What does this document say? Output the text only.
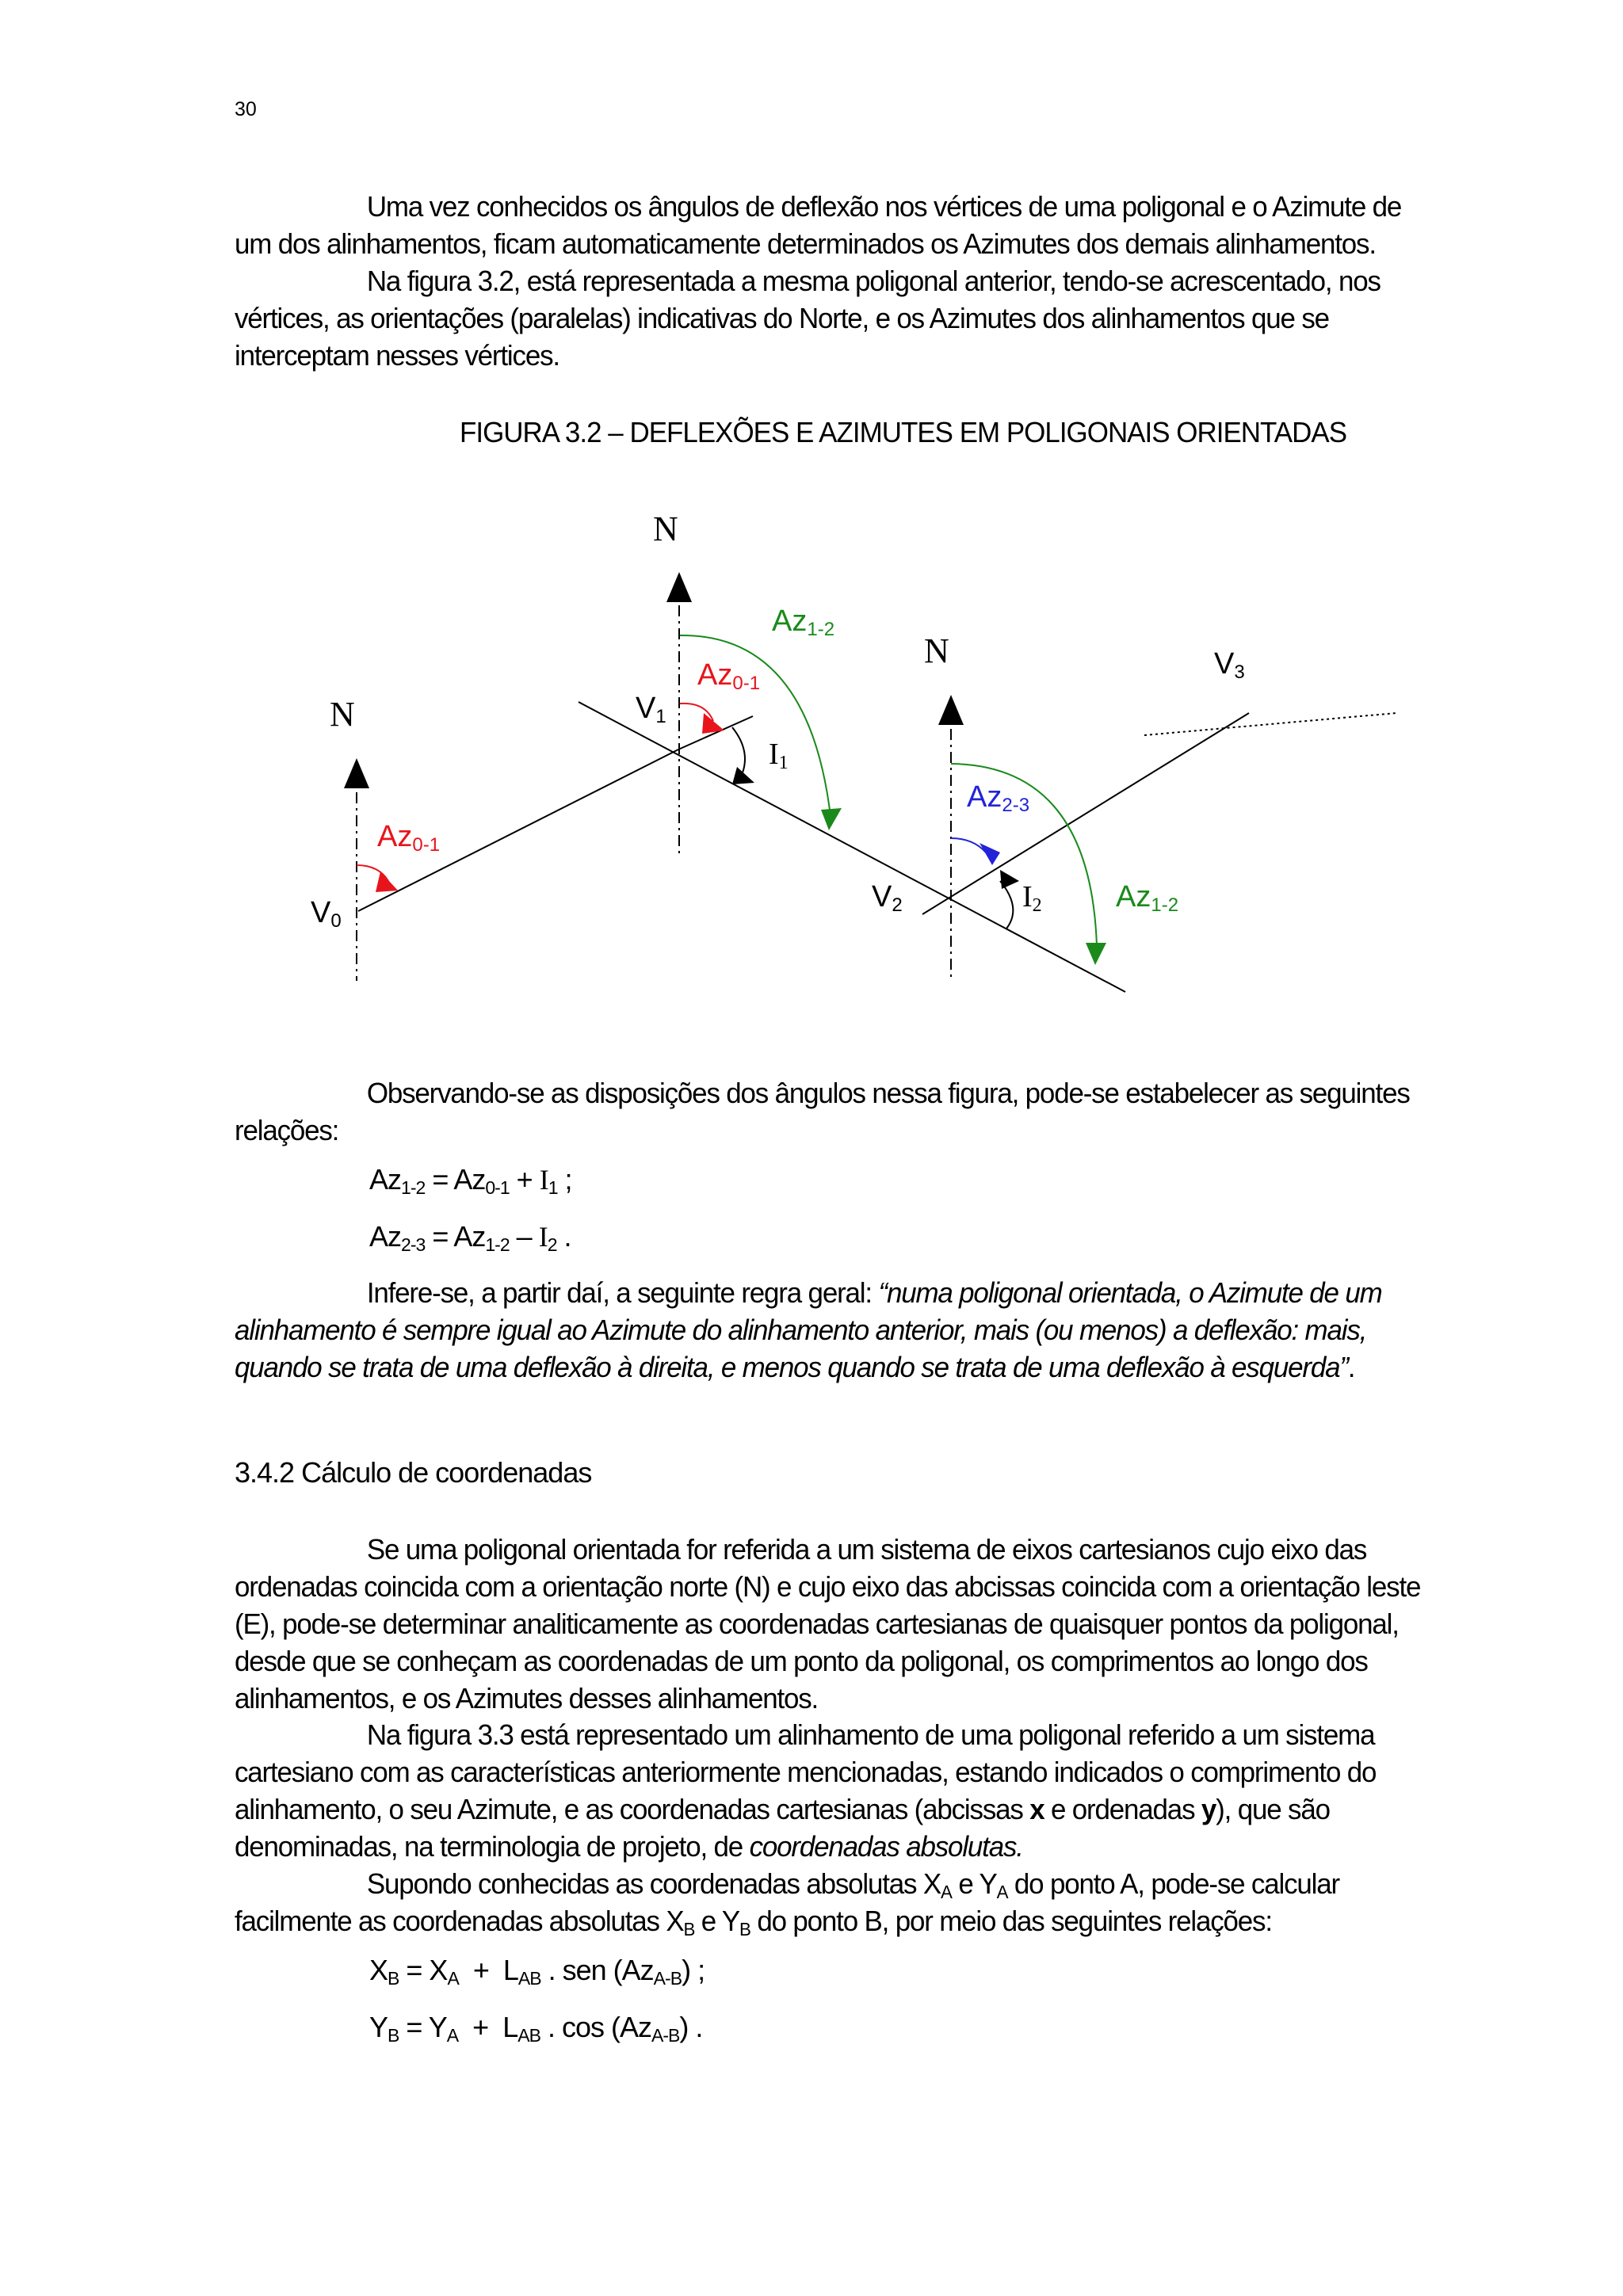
30

Uma vez conhecidos os ângulos de deflexão nos vértices de uma poligonal e o Azimute de um dos alinhamentos, ficam automaticamente determinados os Azimutes dos demais alinhamentos.

Na figura 3.2, está representada a mesma poligonal anterior, tendo-se acrescentado, nos vértices, as orientações (paralelas) indicativas do Norte, e os Azimutes dos alinhamentos que se interceptam nesses vértices.

FIGURA 3.2 – DEFLEXÕES E AZIMUTES EM POLIGONAIS ORIENTADAS
N
N
N
V0
V1
V2
V3
Az0-1
Az0-1
Az1-2
I1
Az2-3
Az1-2
I2

Observando-se as disposições dos ângulos nessa figura, pode-se estabelecer as seguintes relações:

$Az_{1-2} = Az_{0-1} + I_1$ ;
$Az_{2-3} = Az_{1-2} - I_2$ .

Infere-se, a partir daí, a seguinte regra geral: “numa poligonal orientada, o Azimute de um alinhamento é sempre igual ao Azimute do alinhamento anterior, mais (ou menos) a deflexão: mais, quando se trata de uma deflexão à direita, e menos quando se trata de uma deflexão à esquerda”.

3.4.2 Cálculo de coordenadas

Se uma poligonal orientada for referida a um sistema de eixos cartesianos cujo eixo das ordenadas coincida com a orientação norte (N) e cujo eixo das abcissas coincida com a orientação leste (E), pode-se determinar analiticamente as coordenadas cartesianas de quaisquer pontos da poligonal, desde que se conheçam as coordenadas de um ponto da poligonal, os comprimentos ao longo dos alinhamentos, e os Azimutes desses alinhamentos.

Na figura 3.3 está representado um alinhamento de uma poligonal referido a um sistema cartesiano com as características anteriormente mencionadas, estando indicados o comprimento do alinhamento, o seu Azimute, e as coordenadas cartesianas (abcissas x e ordenadas y), que são denominadas, na terminologia de projeto, de coordenadas absolutas.

Supondo conhecidas as coordenadas absolutas $X_A$ e $Y_A$ do ponto A, pode-se calcular facilmente as coordenadas absolutas $X_B$ e $Y_B$ do ponto B, por meio das seguintes relações:

$X_B = X_A + L_{AB}$ . sen $(Az_{A-B})$ ;
$Y_B = Y_A + L_{AB}$ . $\cos (Az_{A-B})$ .
